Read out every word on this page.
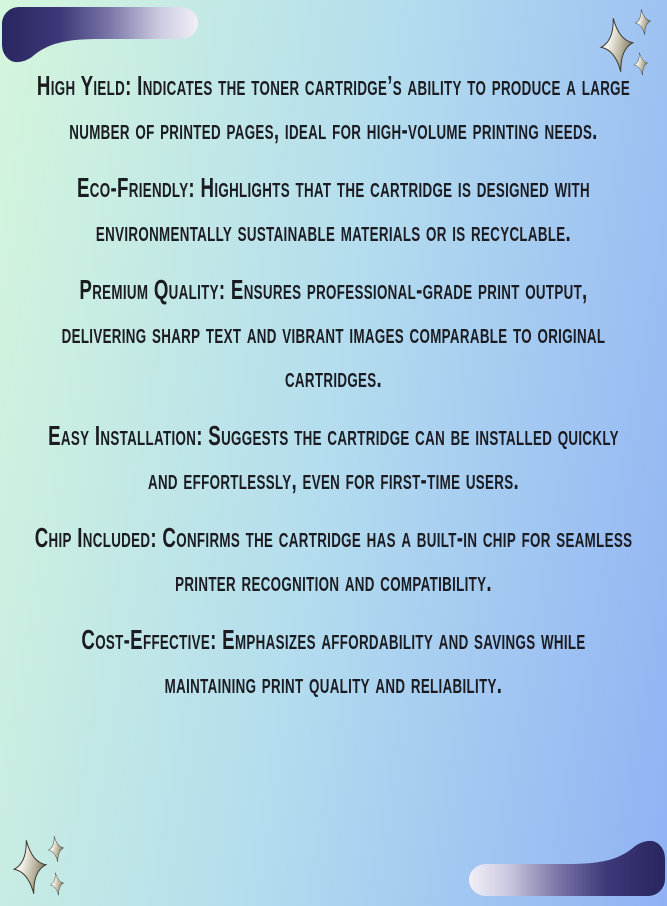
High Yield: Indicates the toner cartridge’s ability to produce a large number of printed pages, ideal for high-volume printing needs.

Eco-Friendly: Highlights that the cartridge is designed with environmentally sustainable materials or is recyclable.

Premium Quality: Ensures professional-grade print output, delivering sharp text and vibrant images comparable to original cartridges.

Easy Installation: Suggests the cartridge can be installed quickly and effortlessly, even for first-time users.

Chip Included: Confirms the cartridge has a built-in chip for seamless printer recognition and compatibility.

Cost-Effective: Emphasizes affordability and savings while maintaining print quality and reliability.
